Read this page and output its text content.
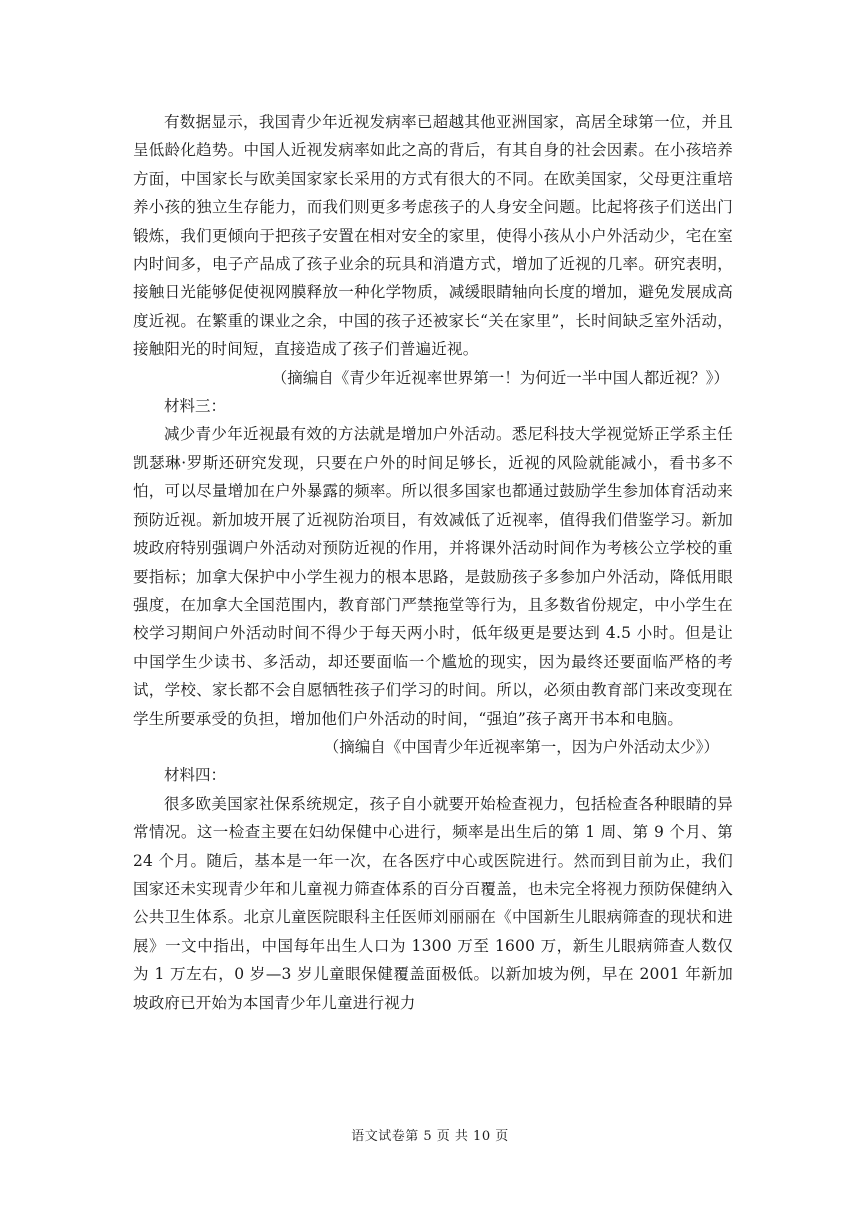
有数据显示，我国青少年近视发病率已超越其他亚洲国家，高居全球第一位，并且呈低龄化趋势。中国人近视发病率如此之高的背后，有其自身的社会因素。在小孩培养方面，中国家长与欧美国家家长采用的方式有很大的不同。在欧美国家，父母更注重培养小孩的独立生存能力，而我们则更多考虑孩子的人身安全问题。比起将孩子们送出门锻炼，我们更倾向于把孩子安置在相对安全的家里，使得小孩从小户外活动少，宅在室内时间多，电子产品成了孩子业余的玩具和消遣方式，增加了近视的几率。研究表明，接触日光能够促使视网膜释放一种化学物质，减缓眼睛轴向长度的增加，避免发展成高度近视。在繁重的课业之余，中国的孩子还被家长“关在家里”，长时间缺乏室外活动，接触阳光的时间短，直接造成了孩子们普遍近视。

（摘编自《青少年近视率世界第一！为何近一半中国人都近视？》）

材料三：

减少青少年近视最有效的方法就是增加户外活动。悉尼科技大学视觉矫正学系主任凯瑟琳·罗斯还研究发现，只要在户外的时间足够长，近视的风险就能减小，看书多不怕，可以尽量增加在户外暴露的频率。所以很多国家也都通过鼓励学生参加体育活动来预防近视。新加坡开展了近视防治项目，有效减低了近视率，值得我们借鉴学习。新加坡政府特别强调户外活动对预防近视的作用，并将课外活动时间作为考核公立学校的重要指标；加拿大保护中小学生视力的根本思路，是鼓励孩子多参加户外活动，降低用眼强度，在加拿大全国范围内，教育部门严禁拖堂等行为，且多数省份规定，中小学生在校学习期间户外活动时间不得少于每天两小时，低年级更是要达到 4.5 小时。但是让中国学生少读书、多活动，却还要面临一个尴尬的现实，因为最终还要面临严格的考试，学校、家长都不会自愿牺牲孩子们学习的时间。所以，必须由教育部门来改变现在学生所要承受的负担，增加他们户外活动的时间，“强迫”孩子离开书本和电脑。

（摘编自《中国青少年近视率第一，因为户外活动太少》）

材料四：

很多欧美国家社保系统规定，孩子自小就要开始检查视力，包括检查各种眼睛的异常情况。这一检查主要在妇幼保健中心进行，频率是出生后的第 1 周、第 9 个月、第 24 个月。随后，基本是一年一次，在各医疗中心或医院进行。然而到目前为止，我们国家还未实现青少年和儿童视力筛查体系的百分百覆盖，也未完全将视力预防保健纳入公共卫生体系。北京儿童医院眼科主任医师刘丽丽在《中国新生儿眼病筛查的现状和进展》一文中指出，中国每年出生人口为 1300 万至 1600 万，新生儿眼病筛查人数仅为 1 万左右，0 岁—3 岁儿童眼保健覆盖面极低。以新加坡为例，早在 2001 年新加坡政府已开始为本国青少年儿童进行视力

语文试卷第 5 页 共 10 页
